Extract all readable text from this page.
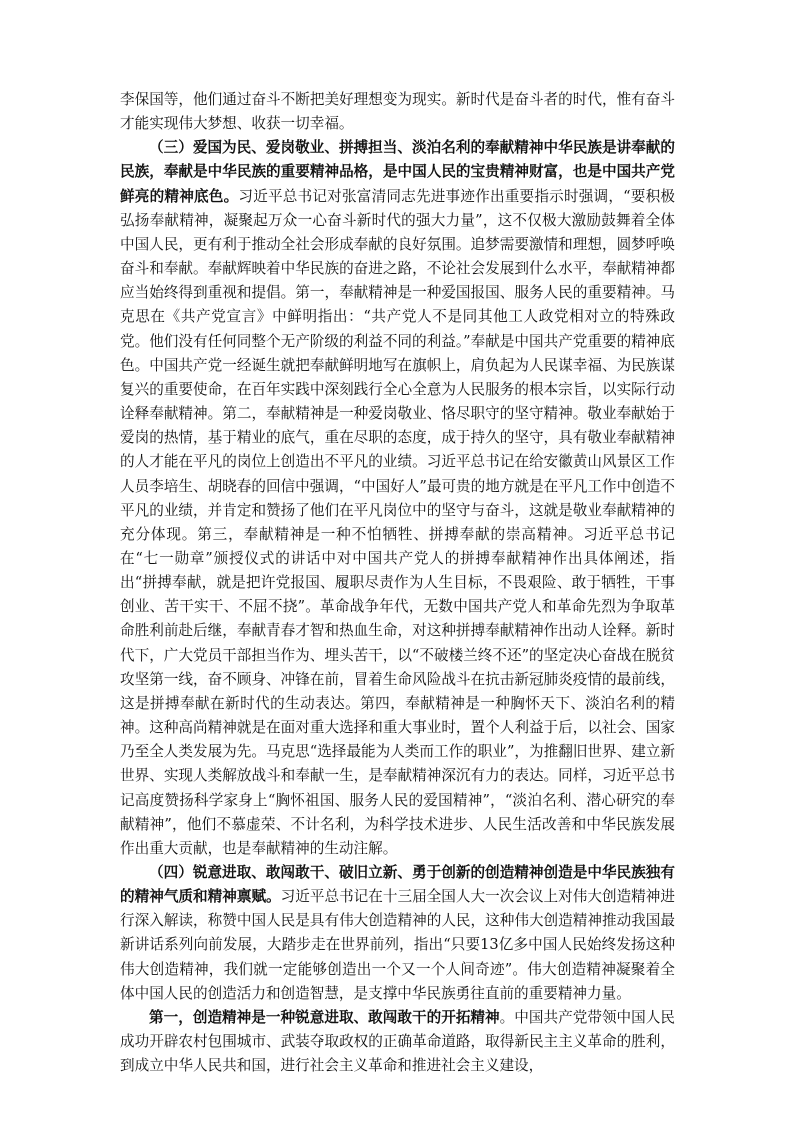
李保国等，他们通过奋斗不断把美好理想变为现实。新时代是奋斗者的时代，惟有奋斗才能实现伟大梦想、收获一切幸福。

（三）爱国为民、爱岗敬业、拼搏担当、淡泊名利的奉献精神中华民族是讲奉献的民族，奉献是中华民族的重要精神品格，是中国人民的宝贵精神财富，也是中国共产党鲜亮的精神底色。习近平总书记对张富清同志先进事迹作出重要指示时强调，“要积极弘扬奉献精神，凝聚起万众一心奋斗新时代的强大力量”，这不仅极大激励鼓舞着全体中国人民，更有利于推动全社会形成奉献的良好氛围。追梦需要激情和理想，圆梦呼唤奋斗和奉献。奉献辉映着中华民族的奋进之路，不论社会发展到什么水平，奉献精神都应当始终得到重视和提倡。第一，奉献精神是一种爱国报国、服务人民的重要精神。马克思在《共产党宣言》中鲜明指出：“共产党人不是同其他工人政党相对立的特殊政党。他们没有任何同整个无产阶级的利益不同的利益。”奉献是中国共产党重要的精神底色。中国共产党一经诞生就把奉献鲜明地写在旗帜上，肩负起为人民谋幸福、为民族谋复兴的重要使命，在百年实践中深刻践行全心全意为人民服务的根本宗旨，以实际行动诠释奉献精神。第二，奉献精神是一种爱岗敬业、恪尽职守的坚守精神。敬业奉献始于爱岗的热情，基于精业的底气，重在尽职的态度，成于持久的坚守，具有敬业奉献精神的人才能在平凡的岗位上创造出不平凡的业绩。习近平总书记在给安徽黄山风景区工作人员李培生、胡晓春的回信中强调，“中国好人”最可贵的地方就是在平凡工作中创造不平凡的业绩，并肯定和赞扬了他们在平凡岗位中的坚守与奋斗，这就是敬业奉献精神的充分体现。第三，奉献精神是一种不怕牺牲、拼搏奉献的崇高精神。习近平总书记在“七一勋章”颁授仪式的讲话中对中国共产党人的拼搏奉献精神作出具体阐述，指出“拼搏奉献，就是把许党报国、履职尽责作为人生目标，不畏艰险、敢于牺牲，干事创业、苦干实干、不屈不挠”。革命战争年代，无数中国共产党人和革命先烈为争取革命胜利前赴后继，奉献青春才智和热血生命，对这种拼搏奉献精神作出动人诠释。新时代下，广大党员干部担当作为、埋头苦干，以“不破楼兰终不还”的坚定决心奋战在脱贫攻坚第一线，奋不顾身、冲锋在前，冒着生命风险战斗在抗击新冠肺炎疫情的最前线，这是拼搏奉献在新时代的生动表达。第四，奉献精神是一种胸怀天下、淡泊名利的精神。这种高尚精神就是在面对重大选择和重大事业时，置个人利益于后，以社会、国家乃至全人类发展为先。马克思“选择最能为人类而工作的职业”，为推翻旧世界、建立新世界、实现人类解放战斗和奉献一生，是奉献精神深沉有力的表达。同样，习近平总书记高度赞扬科学家身上“胸怀祖国、服务人民的爱国精神”，“淡泊名利、潜心研究的奉献精神”，他们不慕虚荣、不计名利，为科学技术进步、人民生活改善和中华民族发展作出重大贡献，也是奉献精神的生动注解。

（四）锐意进取、敢闯敢干、破旧立新、勇于创新的创造精神创造是中华民族独有的精神气质和精神禀赋。习近平总书记在十三届全国人大一次会议上对伟大创造精神进行深入解读，称赞中国人民是具有伟大创造精神的人民，这种伟大创造精神推动我国最新讲话系列向前发展，大踏步走在世界前列，指出“只要13亿多中国人民始终发扬这种伟大创造精神，我们就一定能够创造出一个又一个人间奇迹”。伟大创造精神凝聚着全体中国人民的创造活力和创造智慧，是支撑中华民族勇往直前的重要精神力量。

第一，创造精神是一种锐意进取、敢闯敢干的开拓精神。中国共产党带领中国人民成功开辟农村包围城市、武装夺取政权的正确革命道路，取得新民主主义革命的胜利，到成立中华人民共和国，进行社会主义革命和推进社会主义建设，
